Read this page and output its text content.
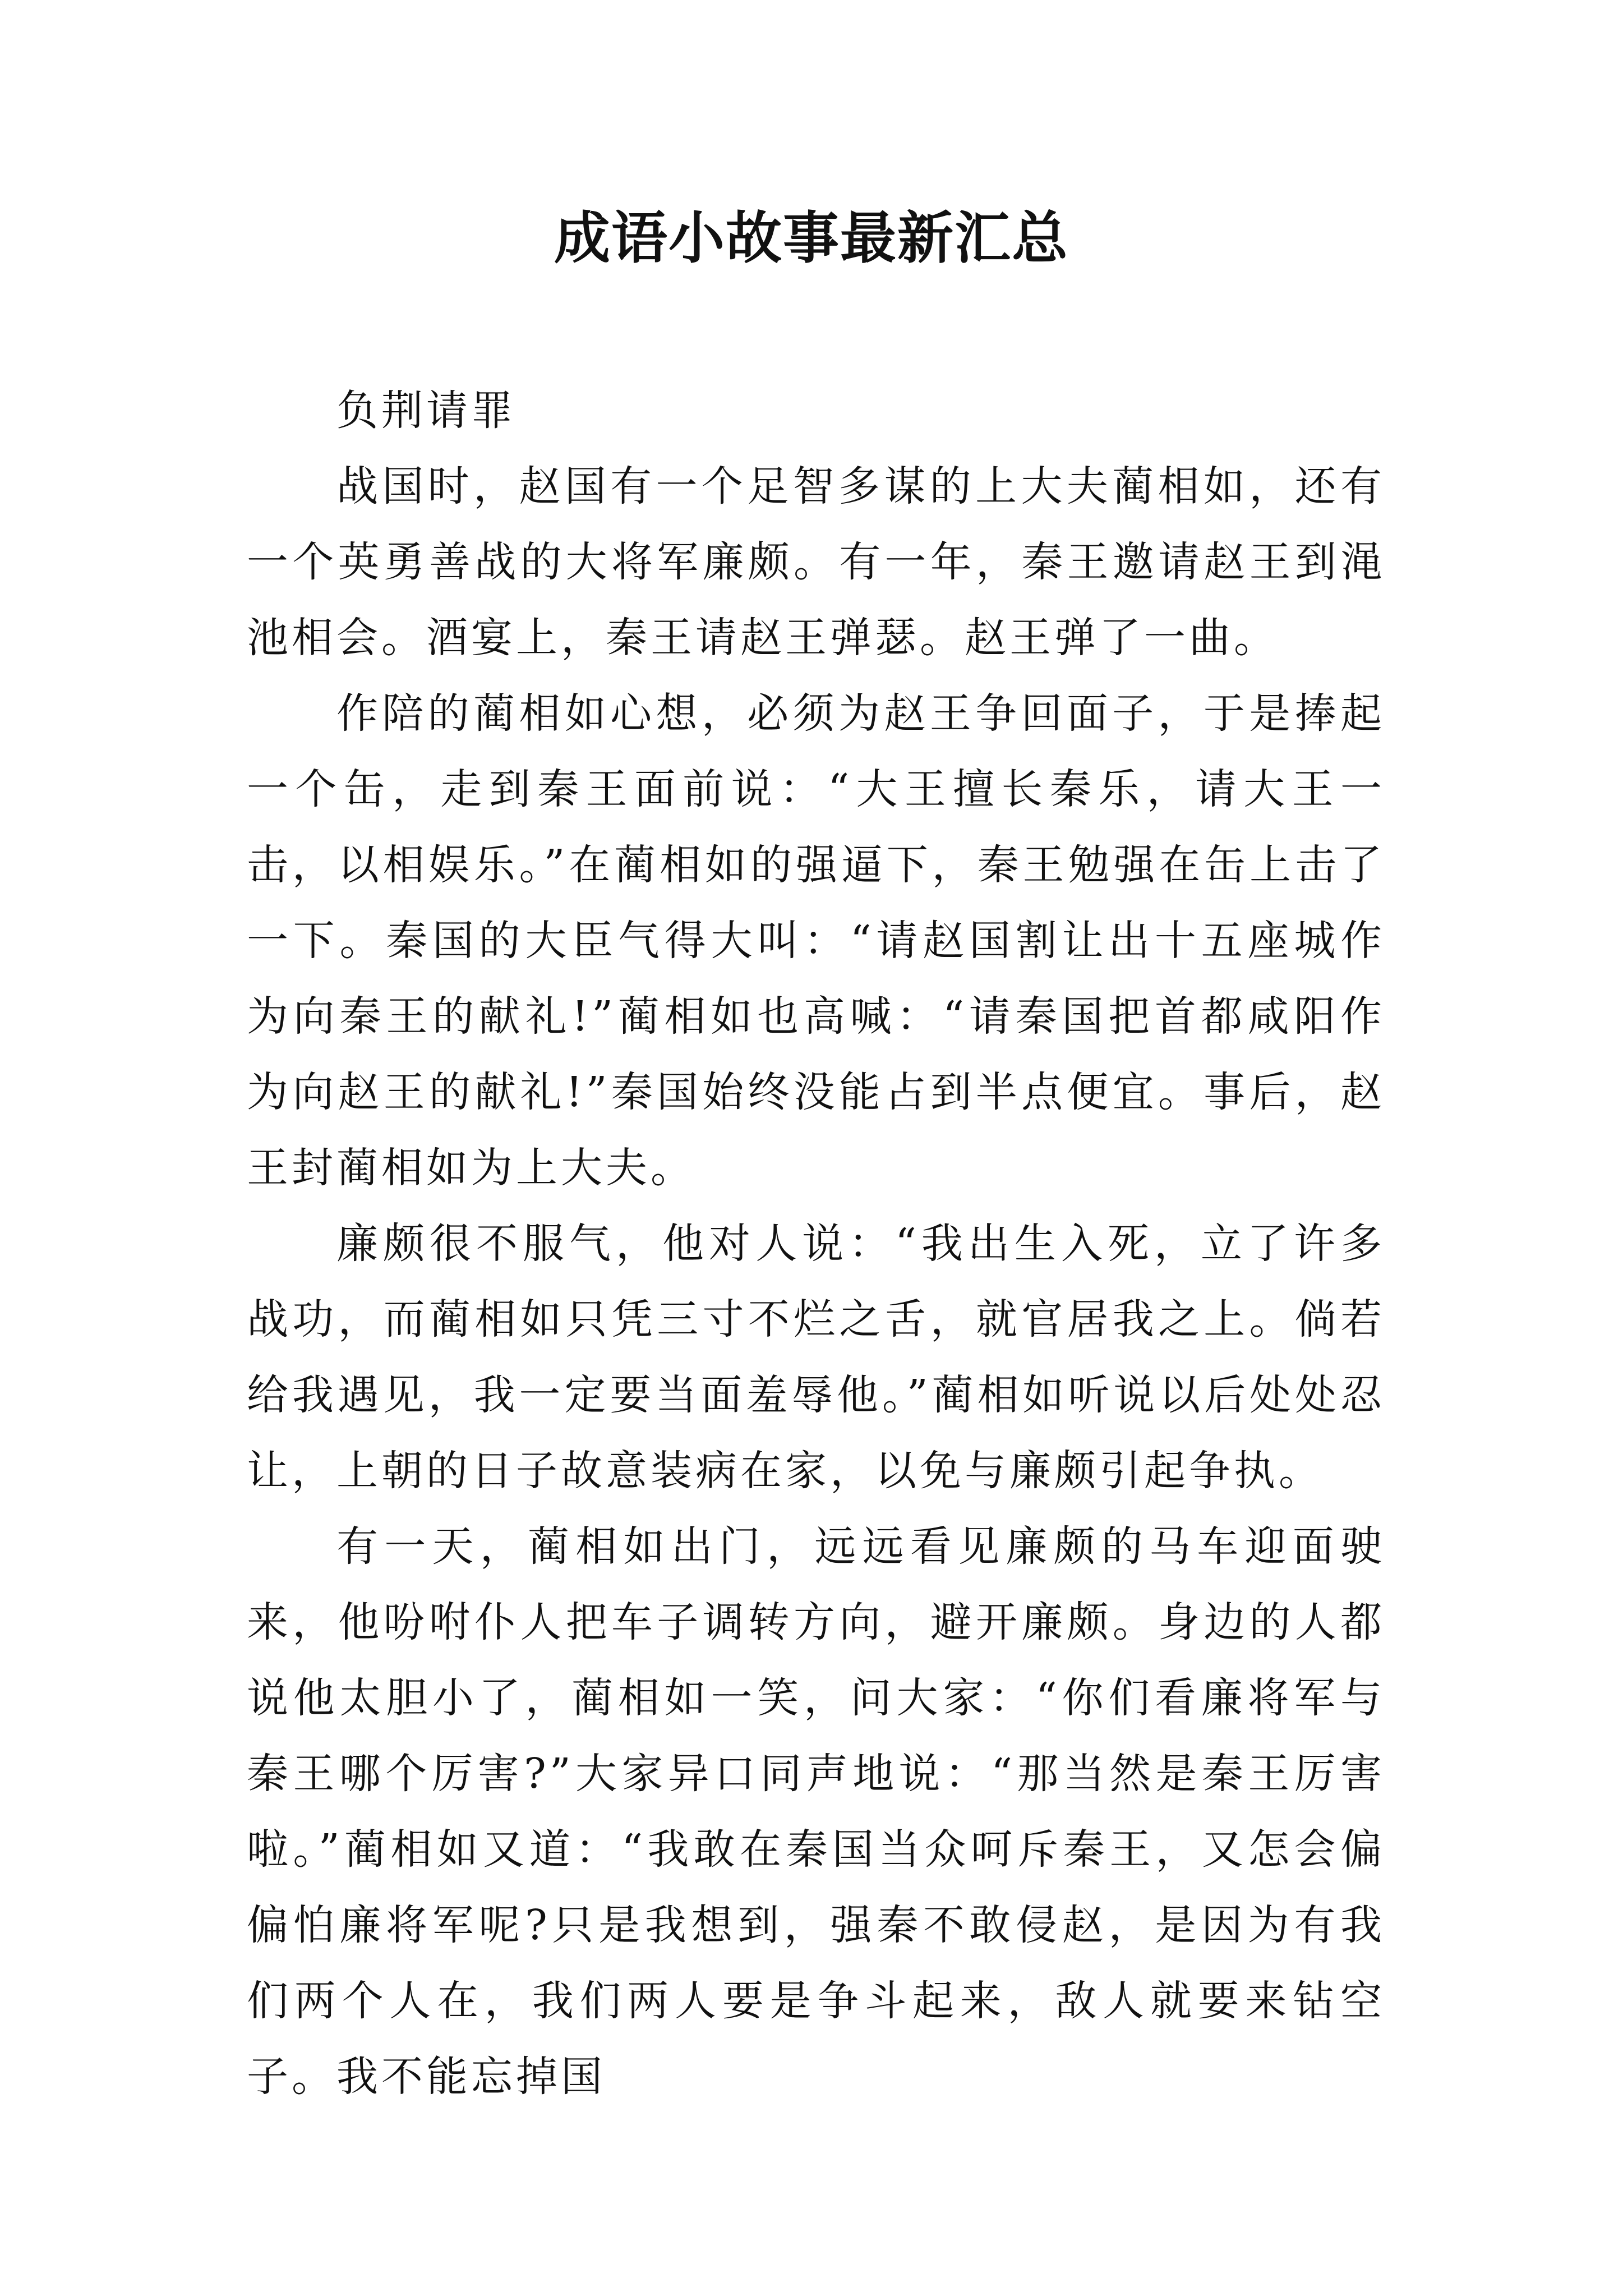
成语小故事最新汇总

负荆请罪

战国时，赵国有一个足智多谋的上大夫蔺相如，还有一个英勇善战的大将军廉颇。有一年，秦王邀请赵王到渑池相会。酒宴上，秦王请赵王弹瑟。赵王弹了一曲。

作陪的蔺相如心想，必须为赵王争回面子，于是捧起一个缶，走到秦王面前说：“大王擅长秦乐，请大王一击，以相娱乐。”在蔺相如的强逼下，秦王勉强在缶上击了一下。秦国的大臣气得大叫：“请赵国割让出十五座城作为向秦王的献礼!”蔺相如也高喊：“请秦国把首都咸阳作为向赵王的献礼!”秦国始终没能占到半点便宜。事后，赵王封蔺相如为上大夫。

廉颇很不服气，他对人说：“我出生入死，立了许多战功，而蔺相如只凭三寸不烂之舌，就官居我之上。倘若给我遇见，我一定要当面羞辱他。”蔺相如听说以后处处忍让，上朝的日子故意装病在家，以免与廉颇引起争执。

有一天，蔺相如出门，远远看见廉颇的马车迎面驶来，他吩咐仆人把车子调转方向，避开廉颇。身边的人都说他太胆小了，蔺相如一笑，问大家：“你们看廉将军与秦王哪个厉害?”大家异口同声地说：“那当然是秦王厉害啦。”蔺相如又道：“我敢在秦国当众呵斥秦王，又怎会偏偏怕廉将军呢?只是我想到，强秦不敢侵赵，是因为有我们两个人在，我们两人要是争斗起来，敌人就要来钻空子。我不能忘掉国
